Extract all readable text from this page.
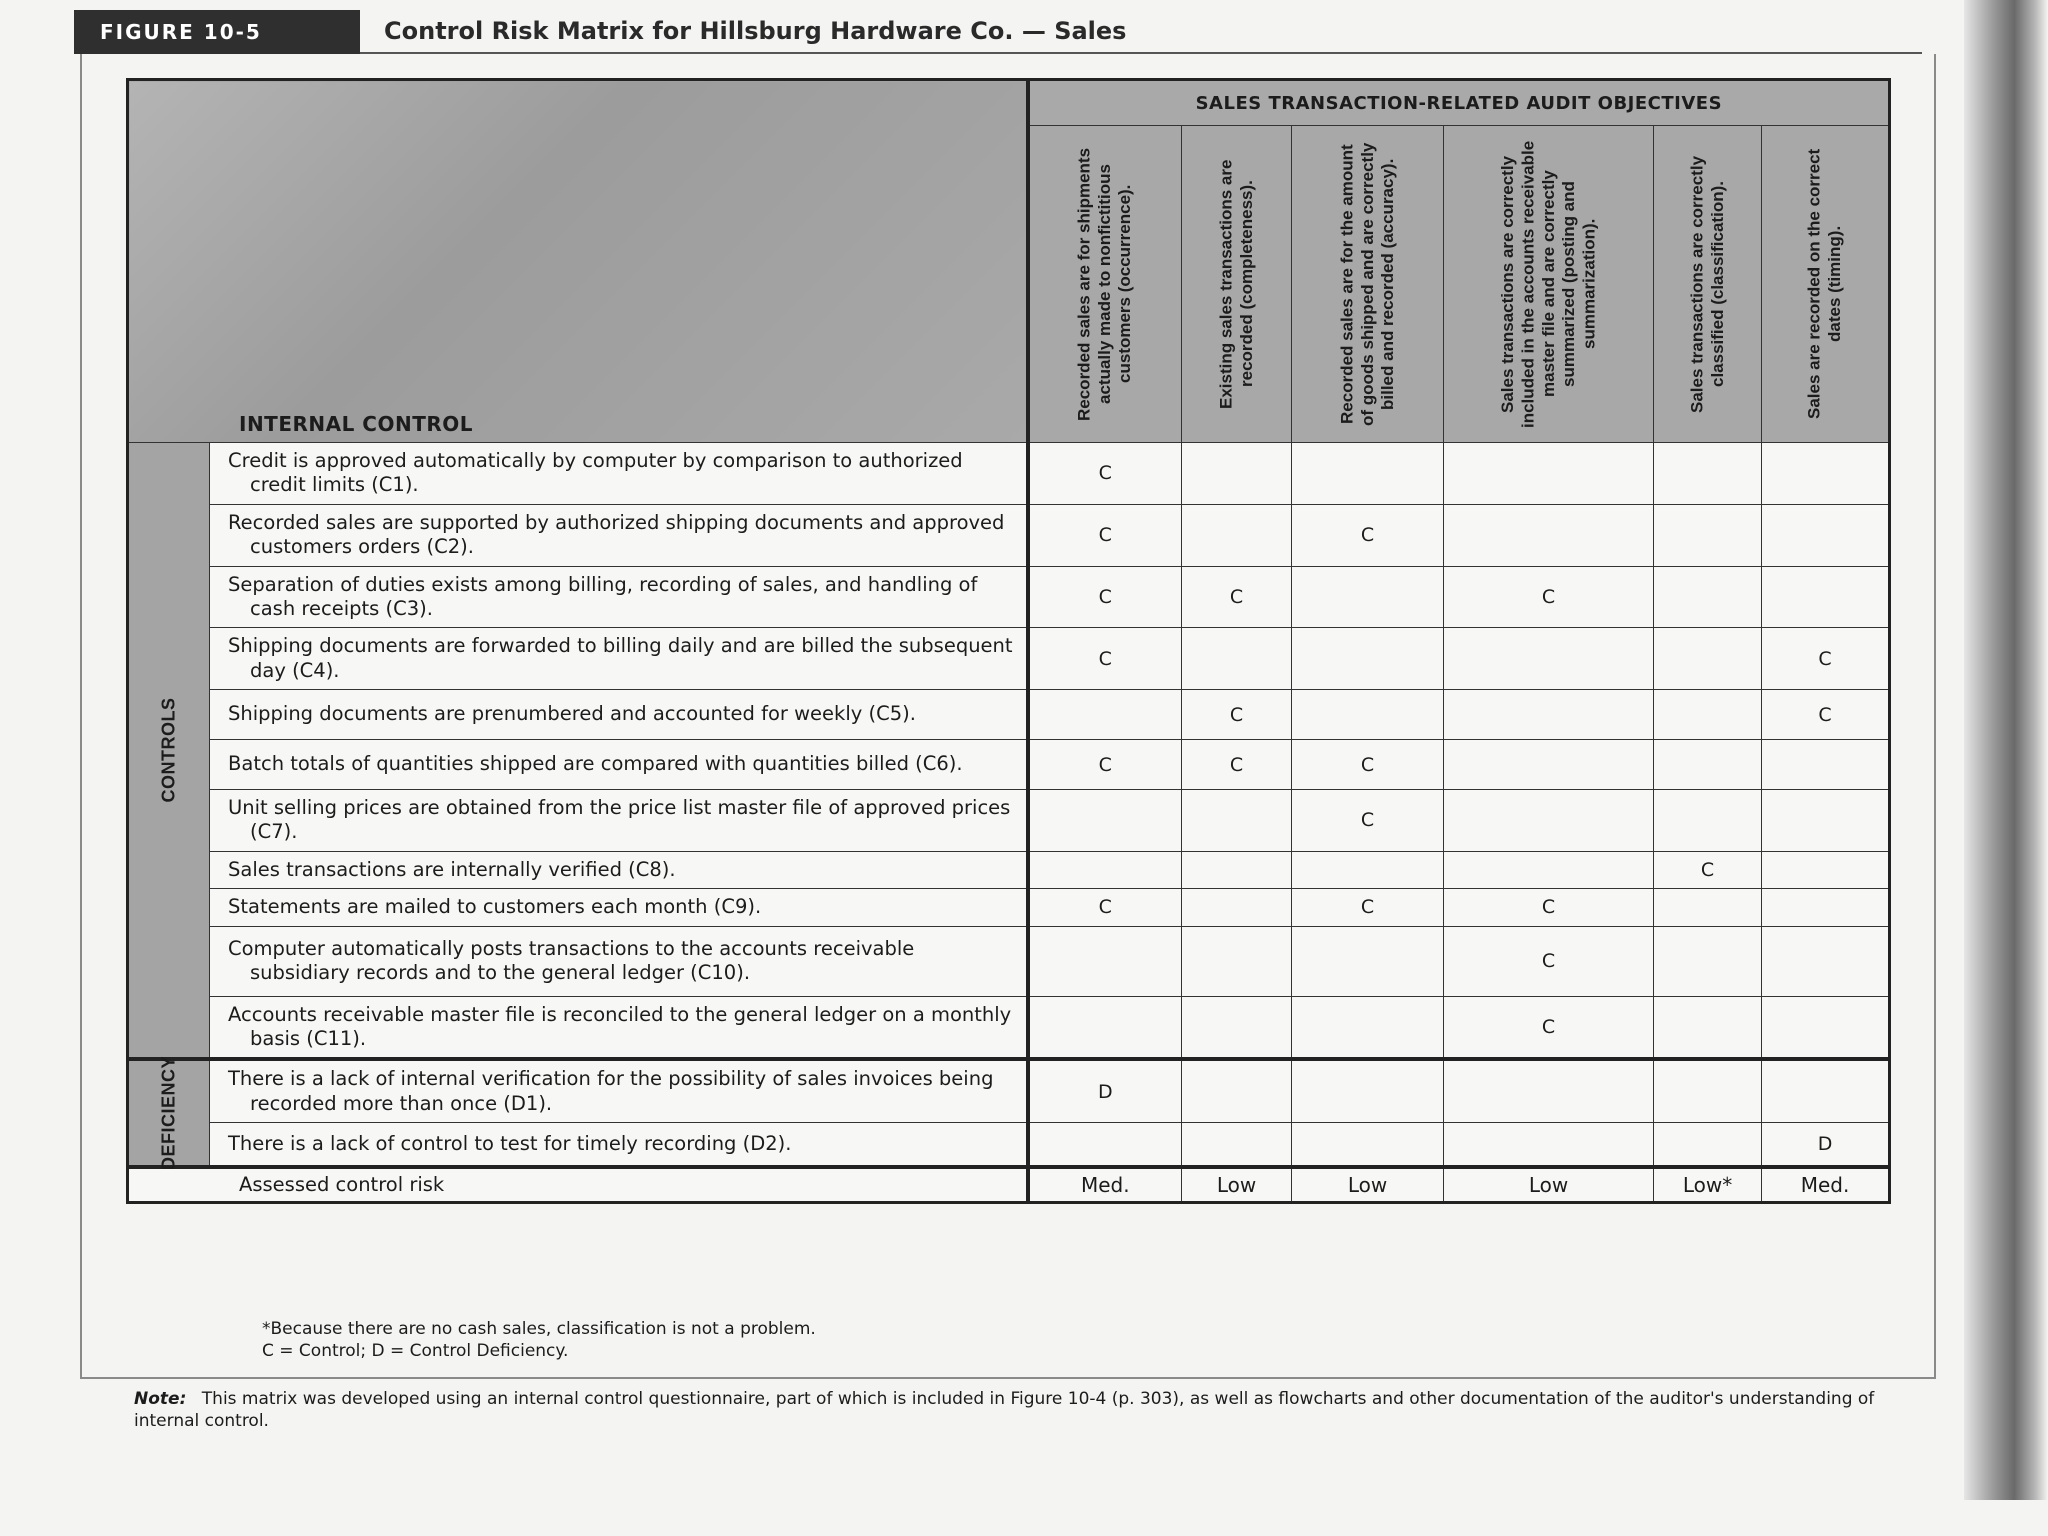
FIGURE 10-5	Control Risk Matrix for Hillsburg Hardware Co. — Sales
INTERNAL CONTROL		SALES TRANSACTION-RELATED AUDIT OBJECTIVES					

		Recorded sales are for shipments actually made to nonfictitious customers (occurrence).	Existing sales transactions are recorded (completeness).	Recorded sales are for the amount of goods shipped and are correctly billed and recorded (accuracy).	Sales transactions are correctly included in the accounts receivable master file and are correctly summarized (posting and summarization).	Sales transactions are correctly classified (classification).	Sales are recorded on the correct dates (timing).

CONTROLS	Credit is approved automatically by computer by comparison to authorized credit limits (C1).	C					

	Recorded sales are supported by authorized shipping documents and approved customers orders (C2).	C		C			

	Separation of duties exists among billing, recording of sales, and handling of cash receipts (C3).	C	C		C		

	Shipping documents are forwarded to billing daily and are billed the subsequent day (C4).	C					C

	Shipping documents are prenumbered and accounted for weekly (C5).		C				C

	Batch totals of quantities shipped are compared with quantities billed (C6).	C	C	C			

	Unit selling prices are obtained from the price list master file of approved prices (C7).			C			

	Sales transactions are internally verified (C8).					C	

	Statements are mailed to customers each month (C9).	C		C	C		

	Computer automatically posts transactions to the accounts receivable subsidiary records and to the general ledger (C10).				C		

	Accounts receivable master file is reconciled to the general ledger on a monthly basis (C11).				C		

DEFICIENCY	There is a lack of internal verification for the possibility of sales invoices being recorded more than once (D1).	D					

	There is a lack of control to test for timely recording (D2).						D
Assessed control risk		Med.	Low	Low	Low	Low*	Med.
*Because there are no cash sales, classification is not a problem.
C = Control; D = Control Deficiency.
Note: This matrix was developed using an internal control questionnaire, part of which is included in Figure 10-4 (p. 303), as well as flowcharts and other documentation of the auditor's understanding of internal control.
